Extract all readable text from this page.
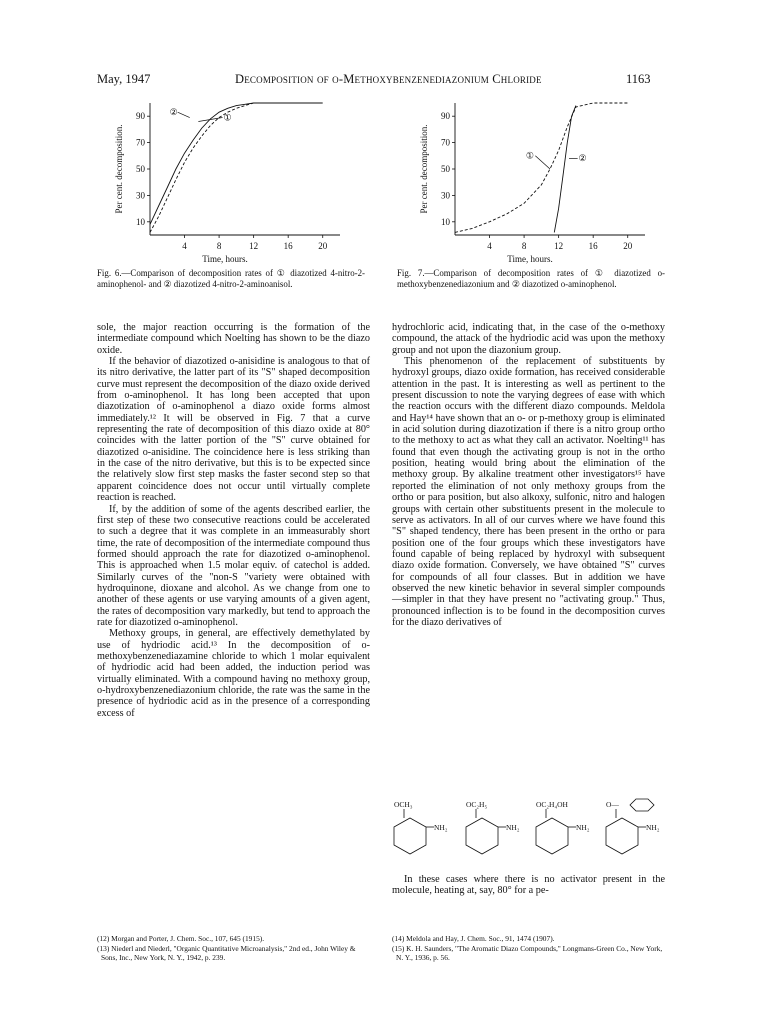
May, 1947	Decomposition of o-Methoxybenzenediazonium Chloride	1163
90
70
50
30
10
4	8	12	16	20
Time, hours.
Per cent. decomposition.
②
①
Fig. 6.—Comparison of decomposition rates of ① diazotized 4-nitro-2-aminophenol- and ② diazotized 4-nitro-2-aminoanisol.
90
70
50
30
10
4	8	12	16	20
Time, hours.
Per cent. decomposition.	①	②
Fig. 7.—Comparison of decomposition rates of ① diazotized o-methoxybenzenediazonium and ② diazotized o-aminophenol.

sole, the major reaction occurring is the formation of the intermediate compound which Noelting has shown to be the diazo oxide.

If the behavior of diazotized o-anisidine is analogous to that of its nitro derivative, the latter part of its "S" shaped decomposition curve must represent the decomposition of the diazo oxide derived from o-aminophenol. It has long been accepted that upon diazotization of o-aminophenol a diazo oxide forms almost immediately.¹² It will be observed in Fig. 7 that a curve representing the rate of decomposition of this diazo oxide at 80° coincides with the latter portion of the "S" curve obtained for diazotized o-anisidine. The coincidence here is less striking than in the case of the nitro derivative, but this is to be expected since the relatively slow first step masks the faster second step so that apparent coincidence does not occur until virtually complete reaction is reached.

If, by the addition of some of the agents described earlier, the first step of these two consecutive reactions could be accelerated to such a degree that it was complete in an immeasurably short time, the rate of decomposition of the intermediate compound thus formed should approach the rate for diazotized o-aminophenol. This is approached when 1.5 molar equiv. of catechol is added. Similarly curves of the "non-S "variety were obtained with hydroquinone, dioxane and alcohol. As we change from one to another of these agents or use varying amounts of a given agent, the rates of decomposition vary markedly, but tend to approach the rate for diazotized o-aminophenol.

Methoxy groups, in general, are effectively demethylated by use of hydriodic acid.¹³ In the decomposition of o-methoxybenzenediazamine chloride to which 1 molar equivalent of hydriodic acid had been added, the induction period was virtually eliminated. With a compound having no methoxy group, o-hydroxybenzenediazonium chloride, the rate was the same in the presence of hydriodic acid as in the presence of a corresponding excess of

hydrochloric acid, indicating that, in the case of the o-methoxy compound, the attack of the hydriodic acid was upon the methoxy group and not upon the diazonium group.

This phenomenon of the replacement of substituents by hydroxyl groups, diazo oxide formation, has received considerable attention in the past. It is interesting as well as pertinent to the present discussion to note the varying degrees of ease with which the reaction occurs with the different diazo compounds. Meldola and Hay¹⁴ have shown that an o- or p-methoxy group is eliminated in acid solution during diazotization if there is a nitro group ortho to the methoxy to act as what they call an activator. Noelting¹¹ has found that even though the activating group is not in the ortho position, heating would bring about the elimination of the methoxy group. By alkaline treatment other investigators¹⁵ have reported the elimination of not only methoxy groups from the ortho or para position, but also alkoxy, sulfonic, nitro and halogen groups with certain other substituents present in the molecule to serve as activators. In all of our curves where we have found this "S" shaped tendency, there has been present in the ortho or para position one of the four groups which these investigators have found capable of being replaced by hydroxyl with subsequent diazo oxide formation. Conversely, we have obtained "S" curves for compounds of all four classes. But in addition we have observed the new kinetic behavior in several simpler compounds—simpler in that they have present no "activating group." Thus, pronounced inflection is to be found in the decomposition curves for the diazo derivatives of

OCH₃
NH₂
OC₂H₅
NH₂
OC₂H₄OH
NH₂
O—
NH₂

In these cases where there is no activator present in the molecule, heating at, say, 80° for a pe-

(12) Morgan and Porter, J. Chem. Soc., 107, 645 (1915).
(13) Niederl and Niederl, "Organic Quantitative Microanalysis," 2nd ed., John Wiley & Sons, Inc., New York, N. Y., 1942, p. 239.
(14) Meldola and Hay, J. Chem. Soc., 91, 1474 (1907).
(15) K. H. Saunders, "The Aromatic Diazo Compounds," Longmans-Green Co., New York, N. Y., 1936, p. 56.
